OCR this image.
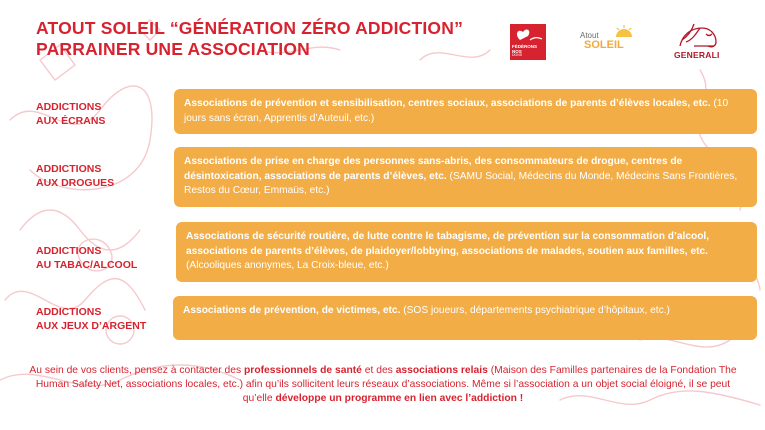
ATOUT SOLEIL “GÉNÉRATION ZÉRO ADDICTION”
PARRAINER UNE ASSOCIATION	FÉDÉRONS NOS
DONS
Atout
SOLEIL
GENERALI
ADDICTIONS
AUX ÉCRANS
Associations de prévention et sensibilisation, centres sociaux, associations de parents d’élèves locales, etc. (10 jours sans écran, Apprentis d’Auteuil, etc.)
ADDICTIONS
AUX DROGUES
Associations de prise en charge des personnes sans-abris, des consommateurs de drogue, centres de désintoxication, associations de parents d’élèves, etc. (SAMU Social, Médecins du Monde, Médecins Sans Frontières, Restos du Cœur, Emmaüs, etc.)
ADDICTIONS
AU TABAC/ALCOOL
Associations de sécurité routière, de lutte contre le tabagisme, de prévention sur la consommation d’alcool, associations de parents d’élèves, de plaidoyer/lobbying, associations de malades, soutien aux familles, etc. (Alcooliques anonymes, La Croix-bleue, etc.)
ADDICTIONS
AUX JEUX D’ARGENT
Associations de prévention, de victimes, etc. (SOS joueurs, départements psychiatrique d’hôpitaux, etc.)
Au sein de vos clients, pensez à contacter des professionnels de santé et des associations relais (Maison des Familles partenaires de la Fondation The Human Safety Net, associations locales, etc.) afin qu’ils sollicitent leurs réseaux d’associations. Même si l’association a un objet social éloigné, il se peut qu’elle développe un programme en lien avec l’addiction !
